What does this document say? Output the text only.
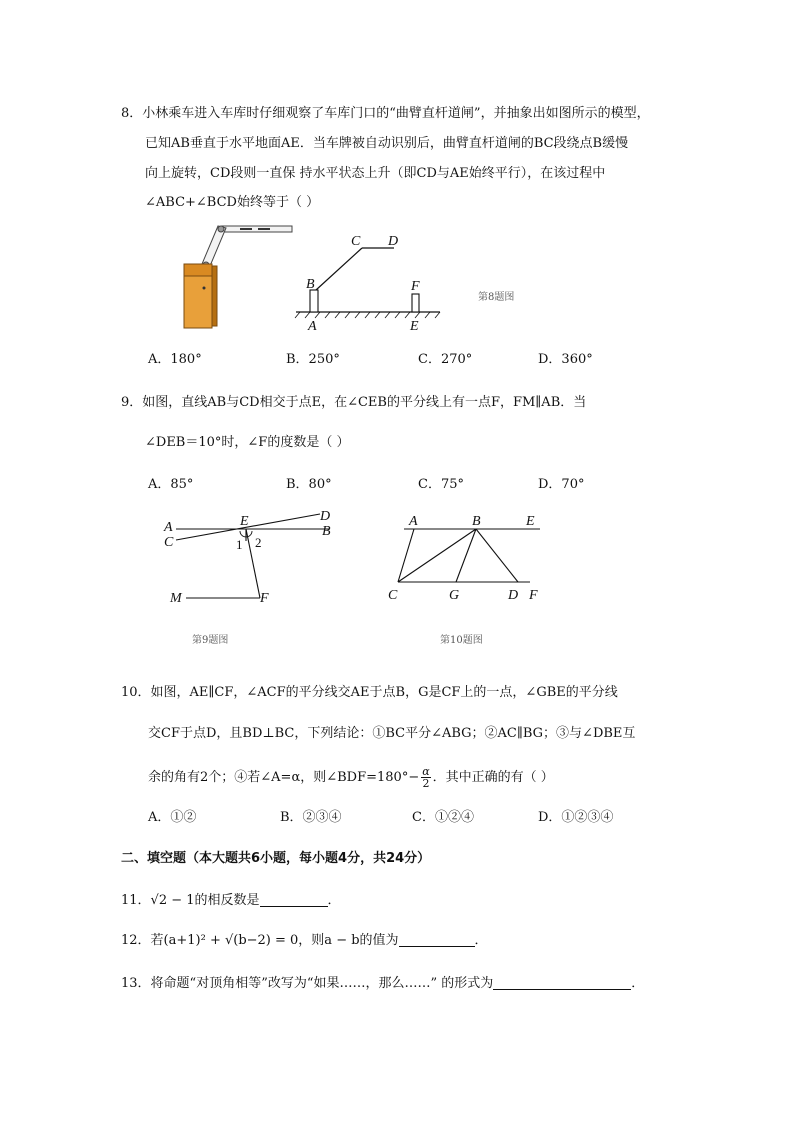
8．小林乘车进入车库时仔细观察了车库门口的“曲臂直杆道闸”，并抽象出如图所示的模型，
已知AB垂直于水平地面AE．当车牌被自动识别后，曲臂直杆道闸的BC段绕点B缓慢
向上旋转，CD段则一直保 持水平状态上升（即CD与AE始终平行），在该过程中
∠ABC+∠BCD始终等于（ ）
B
C D
F
A	E
第8题图
A．180°	B．250°	C．270°	D．360°
9．如图，直线AB与CD相交于点E，在∠CEB的平分线上有一点F，FM∥AB．当
∠DEB＝10°时，∠F的度数是（ ）
A．85°	B．80°	C．75°	D．70°
A
C
E	D
B
1 2
M	F
第9题图
A	B	E
C	G	D F
第10题图
10．如图，AE∥CF，∠ACF的平分线交AE于点B，G是CF上的一点，∠GBE的平分线
交CF于点D，且BD⊥BC，下列结论：①BC平分∠ABG；②AC∥BG；③与∠DBE互
余的角有2个；④若∠A=α，则∠BDF=180°− $\frac{\alpha}{2}$ ．其中正确的有（ ）
A．①②	B．②③④	C．①②④	D．①②③④
二、填空题（本大题共6小题，每小题4分，共24分）
11．√2 − 1的相反数是	．
12．若(a+1)² + √(b−2) = 0，则a − b的值为	．
13．将命题“对顶角相等”改写为“如果……，那么……” 的形式为	．
